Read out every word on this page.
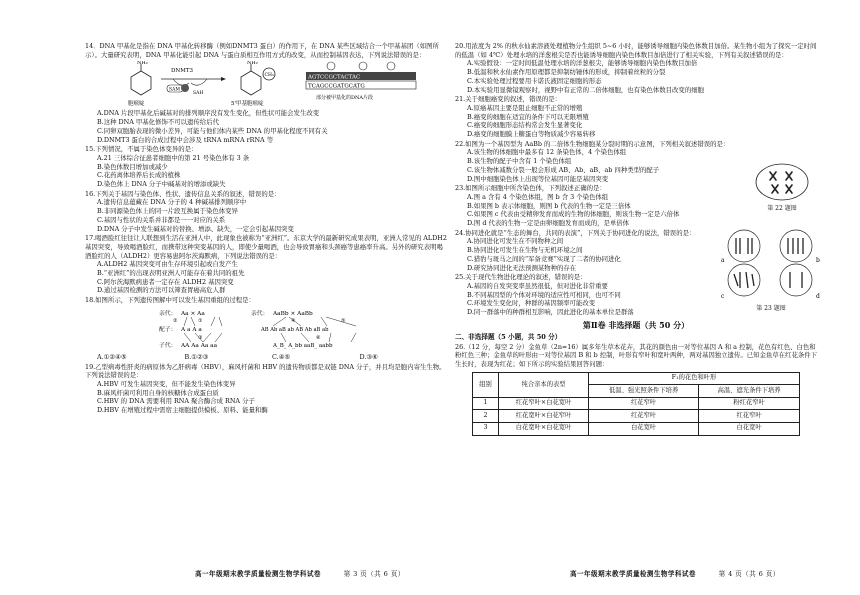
14．DNA 甲基化是指在 DNA 甲基化转移酶（例如DNMT3 蛋白）的作用下，在 DNA 某些区域结合一个甲基基团（如图所示）。大量研究表明，DNA 甲基化能引起 DNA 与蛋白质相互作用方式的改变，从而控制基因表达，下列说法错误的是：
NH₂
胞嘧啶
DNMT3
SAM
SAH
NH₂
CH₃
5'甲基胞嘧啶
AGTCCGCTACTAC
TCAGCCGATGCATG
部分被甲基化的DNA片段
A.DNA 片段甲基化后碱基对的排列顺序没有发生变化，但性状可能会发生改变
B.这种 DNA 甲基化修饰不可以遗传给后代
C.同卵双胞胎表现的微小差异，可能与他们体内某些 DNA 的甲基化程度不同有关
D.DNMT3 蛋白的合成过程中会涉及 tRNA mRNA rRNA 等
15.下列情况，不属于染色体变异的是：
A.21 三体综合征患者细胞中的第 21 号染色体有 3 条
B.染色体数目增加或减少
C.花药离体培养后长成的植株
D.染色体上 DNA 分子中碱基对的增添或缺失
16.下列关于基因与染色体、性状、遗传信息关系的叙述，错误的是：
A.遗传信息蕴藏在 DNA 分子的 4 种碱基排列顺序中
B.非同源染色体上的同一片段互换属于染色体变异
C.基因与性状的关系并非都是一一对应的关系
D.DNA 分子中发生碱基对的替换、增添、缺失，一定会引起基因突变
17.喝酒脸红往往让人联想到生活在亚洲人中，此现象也被称为“亚洲红”。东京大学的最新研究成果表明，亚洲人常见的 ALDH2 基因突变，导致喝酒脸红，而携带这种突变基因的人，即使少量喝酒，也会导致胃癌和头颈癌等患癌率升高。另外的研究表明喝酒脸红的人（ALDH2）更容易患阿尔茨海默病，下列说法错误的是：
A.ALDH2 基因突变可由生存环境引起或自发产生
B.“亚洲红”的出现表明亚洲人可能存在着共同的祖先
C.阿尔茨海默病患者一定存在 ALDH2 基因突变
D.通过基因检测的方法可以筛查胃癌高危人群
18.如图所示，下列遗传图解中可以发生基因重组的过程是：
亲代： Aa × Aa	亲代： AaBb × AaBb
配子： A a A a	AB Ab aB ab AB Ab aB ab
子代： AA Aa Aa aa	A_B_ A_bb aaB_ aabb
①
③
②	④	⑤
⑥
A.①②④⑤	B.①②③	C.④⑤	D.③⑥
19.乙型病毒性肝炎的病原体为乙肝病毒（HBV），麻风杆菌和 HBV 的遗传物质都是双链 DNA 分子，并且均是胞内寄生生物。下列说法错误的是：
A.HBV 可发生基因突变，但不能发生染色体变异
B.麻风杆菌可利用自身的核糖体合成蛋白质
C.HBV 的 DNA 需要利用 RNA 聚合酶合成 RNA 分子
D.HBV 在增殖过程中需宿主细胞提供模板、原料、能量和酶
高一年级期末教学质量检测生物学科试卷	第 3 页（共 6 页）
20.用浓度为 2% 的秋水仙素溶液处理植物分生组织 5~6 小时，能够诱导细胞内染色体数目加倍。某生物小组为了探究一定时间的低温（如 4℃）处理水培的洋葱根尖是否也能诱导细胞内染色体数目加倍进行了相关实验，下列有关叙述错误的是：
A.实验假设：一定时间低温处理水培的洋葱根尖，能够诱导细胞内染色体数目加倍
B.低温和秋水仙素作用原理都是抑制纺锤体的形成，抑制着丝粒的分裂
C.本实验处理过程要用卡诺氏液固定细胞的形态
D.本实验用显微镜观察时，视野中有正常的二倍体细胞，也有染色体数目改变的细胞
21.关于细胞癌变的叙述，错误的是：
A.原癌基因主要是阻止细胞不正常的增殖
B.癌变的细胞在适宜的条件下可以无限增殖
C.癌变的细胞形态结构常会发生显著变化
D.癌变的细胞膜上糖蛋白等物质减少容易转移
22.如图为一个基因型为 AaBb 的二倍体生物细胞某分裂时期的示意图，下列相关叙述错误的是：
A.该生物的体细胞中最多有 12 条染色体，4 个染色体组
B.该生物的配子中含有 1 个染色体组
C.该生物体减数分裂一般会形成 AB、Ab、aB、ab 四种类型的配子
D.图中细胞染色体上出现等位基因可能是基因突变
23.如图所示细胞中所含染色体，下列叙述正确的是：
A.图 a 含有 4 个染色体组，图 b 含 3 个染色体组
B.如果图 b 表示体细胞，则图 b 代表的生物一定是三倍体
C.如果图 c 代表由受精卵发育而成的生物的体细胞，则该生物一定是六倍体
D.图 d 代表的生物一定是由卵细胞发育而成的，是单倍体
24.协同进化就是“生态的舞台，共同的表演”，下列关于协同进化的说法，错误的是：
A.协同进化可发生在不同物种之间
B.协同进化可发生在生物与无机环境之间
C.猎豹与斑马之间的“军备竞赛”实现了二者的协同进化
D.研究协同进化无法预测某物种的存在
25.关于现代生物进化理论的叙述，错误的是：
A.基因的自发突变率虽然很低，但对进化非常重要
B.不同基因型的个体对环境的适应性可相同，也可不同
C.环境发生变化时，种群的基因频率可能改变
D.同一群落中的种群相互影响，因此进化的基本单位是群落
第Ⅱ卷 非选择题（共 50 分）
二、非选择题（5 小题，共 50 分）
26.（12 分，每空 2 分）金鱼草（2n=16）属多年生草本花卉，其花的颜色由一对等位基因 A 和 a 控制，花色有红色、白色和粉红色三种；金鱼草的叶形由一对等位基因 B 和 b 控制，叶形有窄叶和宽叶两种，两对基因独立遗传。已知金鱼草在红花条件下生长时，表现为红花；如下所示的实验结果回答问题：
组别	纯合亲本的表型	F₁的花色和叶形	
		低温、强光照条件下培养	高温、遮光条件下培养
1	红花窄叶×白花宽叶	红花窄叶	粉红花窄叶
2	红花宽叶×白花窄叶	红花窄叶	红花窄叶
3	白花宽叶×白花宽叶	白花宽叶	白花宽叶
第 22 题图
a	b
c	d
第 23 题图
高一年级期末教学质量检测生物学科试卷	第 4 页（共 6 页）
